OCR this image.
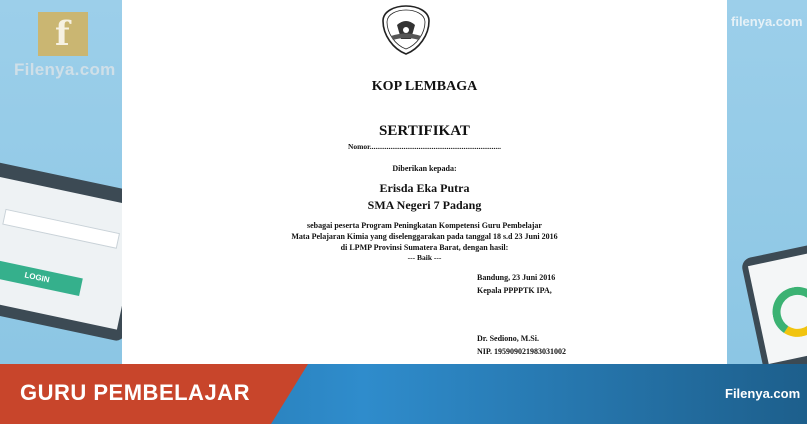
f
Filenya.com
LOGIN
filenya.com
KOP LEMBAGA
SERTIFIKAT
Nomor......................................................................
Diberikan kepada:
Erisda Eka Putra
SMA Negeri 7 Padang
sebagai peserta Program Peningkatan Kompetensi Guru Pembelajar
Mata Pelajaran Kimia yang diselenggarakan pada tanggal 18 s.d 23 Juni 2016
di LPMP Provinsi Sumatera Barat, dengan hasil:
--- Baik ---
Bandung, 23 Juni 2016
Kepala PPPPTK IPA,
Dr. Sediono, M.Si.
NIP. 195909021983031002
GURU PEMBELAJAR	Filenya.com
